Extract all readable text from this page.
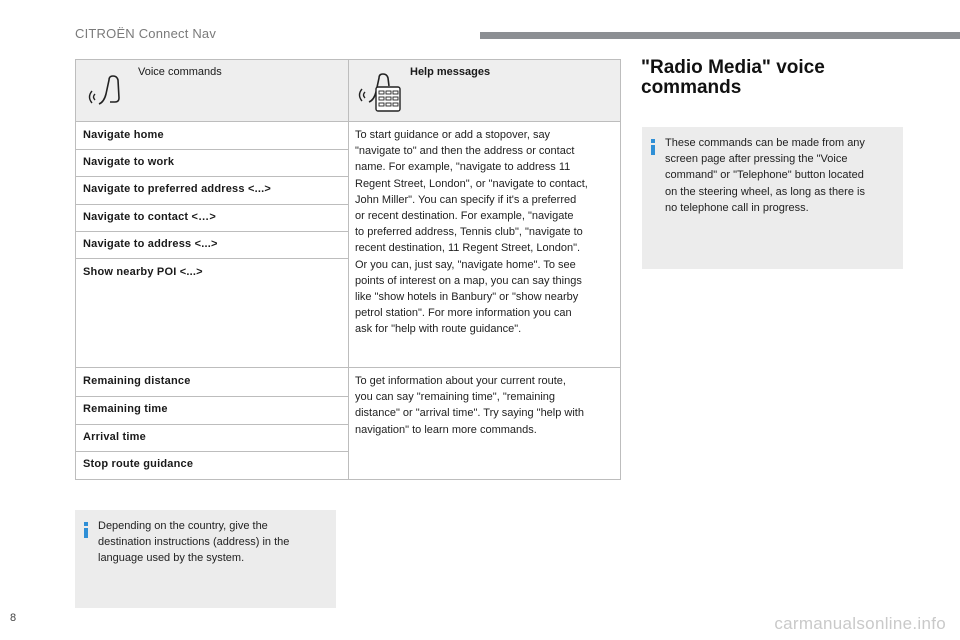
CITROËN Connect Nav
Voice commands	Help messages
Navigate home
Navigate to work
Navigate to preferred address <...>
Navigate to contact <…>
Navigate to address <...>
Show nearby POI <...>
To start guidance or add a stopover, say
"navigate to" and then the address or contact
name. For example, "navigate to address 11
Regent Street, London", or "navigate to contact,
John Miller". You can specify if it's a preferred
or recent destination. For example, "navigate
to preferred address, Tennis club", "navigate to
recent destination, 11 Regent Street, London".
Or you can, just say, "navigate home". To see
points of interest on a map, you can say things
like "show hotels in Banbury" or "show nearby
petrol station". For more information you can
ask for "help with route guidance".
Remaining distance
Remaining time
Arrival time
Stop route guidance
To get information about your current route,
you can say "remaining time", "remaining
distance" or "arrival time". Try saying "help with
navigation" to learn more commands.
Depending on the country, give the
destination instructions (address) in the
language used by the system.
"Radio Media" voice
commands
These commands can be made from any
screen page after pressing the "Voice
command" or "Telephone" button located
on the steering wheel, as long as there is
no telephone call in progress.
8	carmanualsonline.info
